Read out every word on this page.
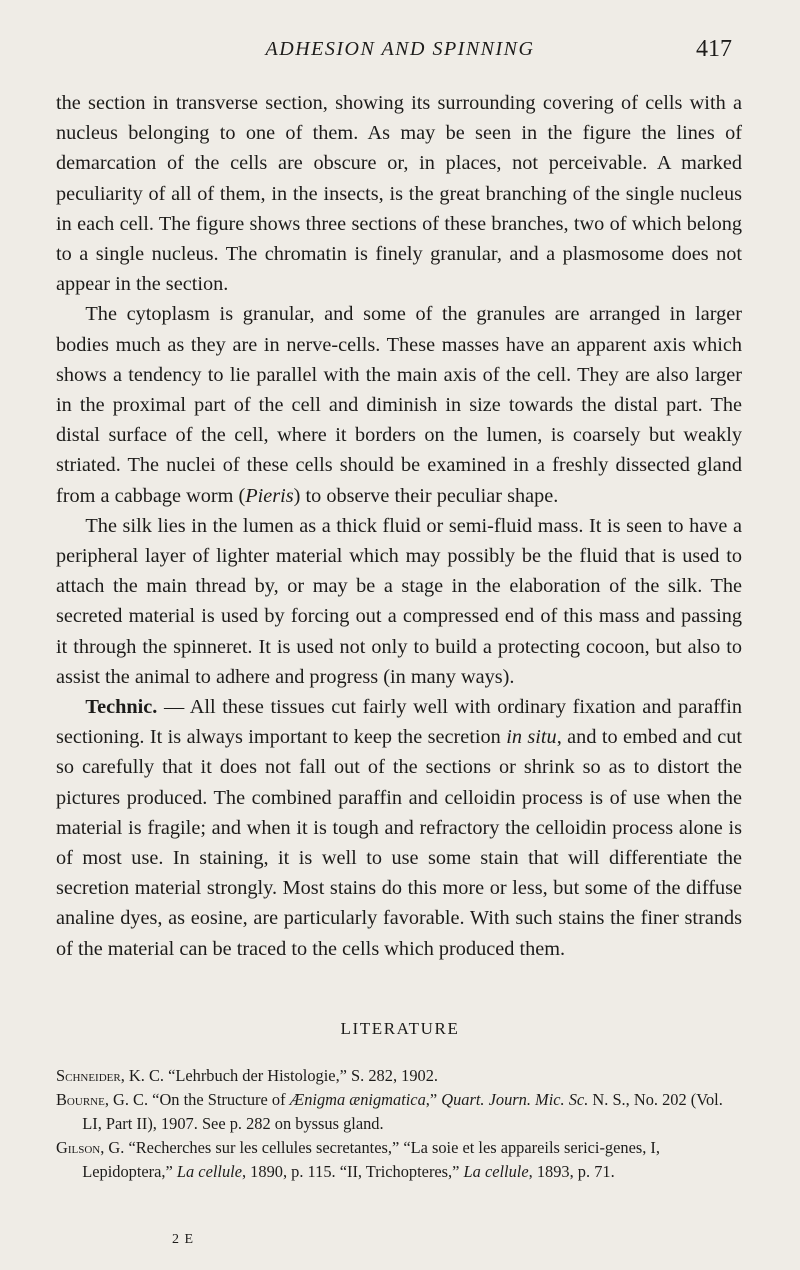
ADHESION AND SPINNING	417

the section in transverse section, showing its surrounding covering of cells with a nucleus belonging to one of them. As may be seen in the figure the lines of demarcation of the cells are obscure or, in places, not perceivable. A marked peculiarity of all of them, in the insects, is the great branching of the single nucleus in each cell. The figure shows three sections of these branches, two of which belong to a single nucleus. The chromatin is finely granular, and a plasmosome does not appear in the section.

The cytoplasm is granular, and some of the granules are arranged in larger bodies much as they are in nerve-cells. These masses have an apparent axis which shows a tendency to lie parallel with the main axis of the cell. They are also larger in the proximal part of the cell and diminish in size towards the distal part. The distal surface of the cell, where it borders on the lumen, is coarsely but weakly striated. The nuclei of these cells should be examined in a freshly dissected gland from a cabbage worm (Pieris) to observe their peculiar shape.

The silk lies in the lumen as a thick fluid or semi-fluid mass. It is seen to have a peripheral layer of lighter material which may possibly be the fluid that is used to attach the main thread by, or may be a stage in the elaboration of the silk. The secreted material is used by forcing out a compressed end of this mass and passing it through the spinneret. It is used not only to build a protecting cocoon, but also to assist the animal to adhere and progress (in many ways).

Technic. — All these tissues cut fairly well with ordinary fixation and paraffin sectioning. It is always important to keep the secretion in situ, and to embed and cut so carefully that it does not fall out of the sections or shrink so as to distort the pictures produced. The combined paraffin and celloidin process is of use when the material is fragile; and when it is tough and refractory the celloidin process alone is of most use. In staining, it is well to use some stain that will differentiate the secretion material strongly. Most stains do this more or less, but some of the diffuse analine dyes, as eosine, are particularly favorable. With such stains the finer strands of the material can be traced to the cells which produced them.

LITERATURE
Schneider, K. C. “Lehrbuch der Histologie,” S. 282, 1902.
Bourne, G. C. “On the Structure of Ænigma ænigmatica,” Quart. Journ. Mic. Sc. N. S., No. 202 (Vol. LI, Part II), 1907. See p. 282 on byssus gland.
Gilson, G. “Recherches sur les cellules secretantes,” “La soie et les appareils serici-genes, I, Lepidoptera,” La cellule, 1890, p. 115. “II, Trichopteres,” La cellule, 1893, p. 71.
2 E
